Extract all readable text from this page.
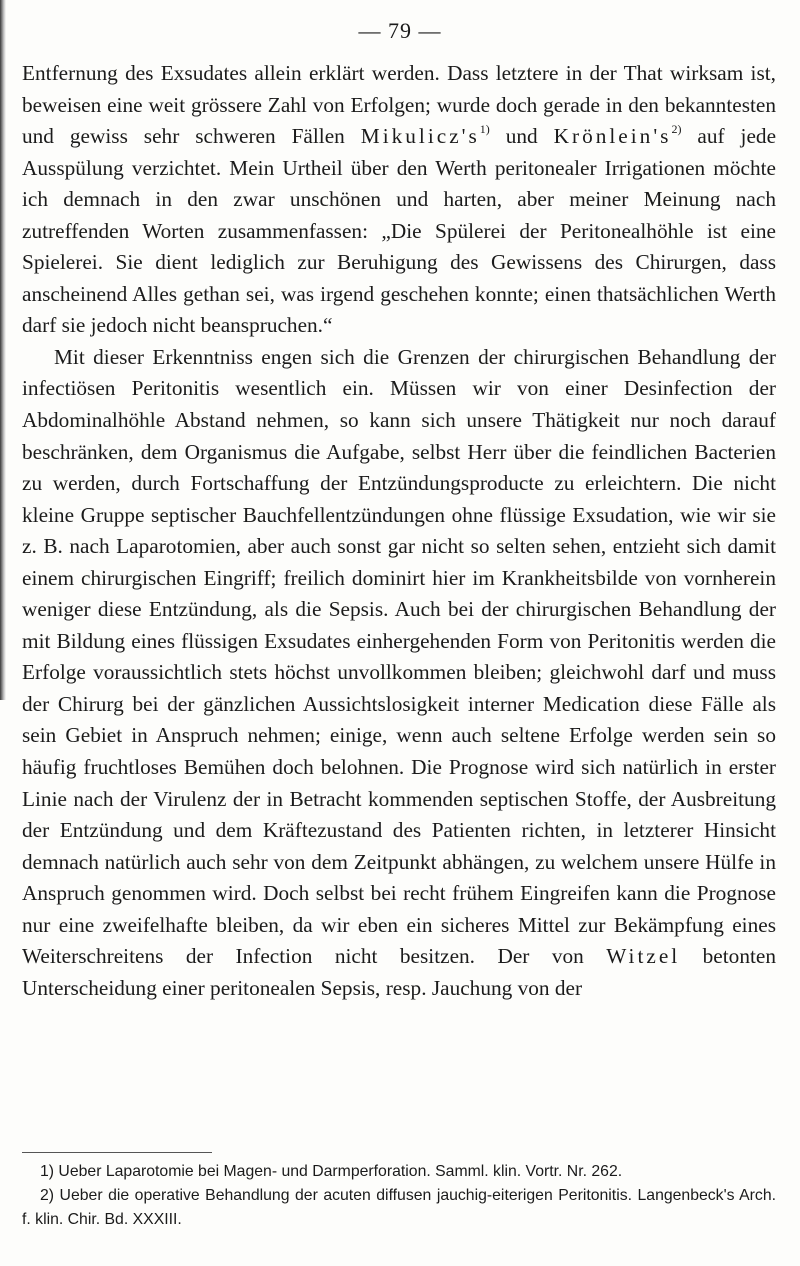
— 79 —

Entfernung des Exsudates allein erklärt werden. Dass letztere in der That wirksam ist, beweisen eine weit grössere Zahl von Erfolgen; wurde doch gerade in den bekanntesten und gewiss sehr schweren Fällen $Mikulicz's^{1)}$ und $Krönlein's^{2)}$ auf jede Ausspülung verzichtet. Mein Urtheil über den Werth peritonealer Irrigationen möchte ich demnach in den zwar unschönen und harten, aber meiner Meinung nach zutreffenden Worten zusammenfassen: „Die Spülerei der Peritonealhöhle ist eine Spielerei. Sie dient lediglich zur Beruhigung des Gewissens des Chirurgen, dass anscheinend Alles gethan sei, was irgend geschehen konnte; einen thatsächlichen Werth darf sie jedoch nicht beanspruchen.“

Mit dieser Erkenntniss engen sich die Grenzen der chirurgischen Behandlung der infectiösen Peritonitis wesentlich ein. Müssen wir von einer Desinfection der Abdominalhöhle Abstand nehmen, so kann sich unsere Thätigkeit nur noch darauf beschränken, dem Organismus die Aufgabe, selbst Herr über die feindlichen Bacterien zu werden, durch Fortschaffung der Entzündungsproducte zu erleichtern. Die nicht kleine Gruppe septischer Bauchfellentzündungen ohne flüssige Exsudation, wie wir sie z. B. nach Laparotomien, aber auch sonst gar nicht so selten sehen, entzieht sich damit einem chirurgischen Eingriff; freilich dominirt hier im Krankheitsbilde von vornherein weniger diese Entzündung, als die Sepsis. Auch bei der chirurgischen Behandlung der mit Bildung eines flüssigen Exsudates einhergehenden Form von Peritonitis werden die Erfolge voraussichtlich stets höchst unvollkommen bleiben; gleichwohl darf und muss der Chirurg bei der gänzlichen Aussichtslosigkeit interner Medication diese Fälle als sein Gebiet in Anspruch nehmen; einige, wenn auch seltene Erfolge werden sein so häufig fruchtloses Bemühen doch belohnen. Die Prognose wird sich natürlich in erster Linie nach der Virulenz der in Betracht kommenden septischen Stoffe, der Ausbreitung der Entzündung und dem Kräftezustand des Patienten richten, in letzterer Hinsicht demnach natürlich auch sehr von dem Zeitpunkt abhängen, zu welchem unsere Hülfe in Anspruch genommen wird. Doch selbst bei recht frühem Eingreifen kann die Prognose nur eine zweifelhafte bleiben, da wir eben ein sicheres Mittel zur Bekämpfung eines Weiterschreitens der Infection nicht besitzen. Der von Witzel betonten Unterscheidung einer peritonealen Sepsis, resp. Jauchung von der

1) Ueber Laparotomie bei Magen- und Darmperforation. Samml. klin. Vortr. Nr. 262.

2) Ueber die operative Behandlung der acuten diffusen jauchig-eiterigen Peritonitis. Langenbeck's Arch. f. klin. Chir. Bd. XXXIII.
